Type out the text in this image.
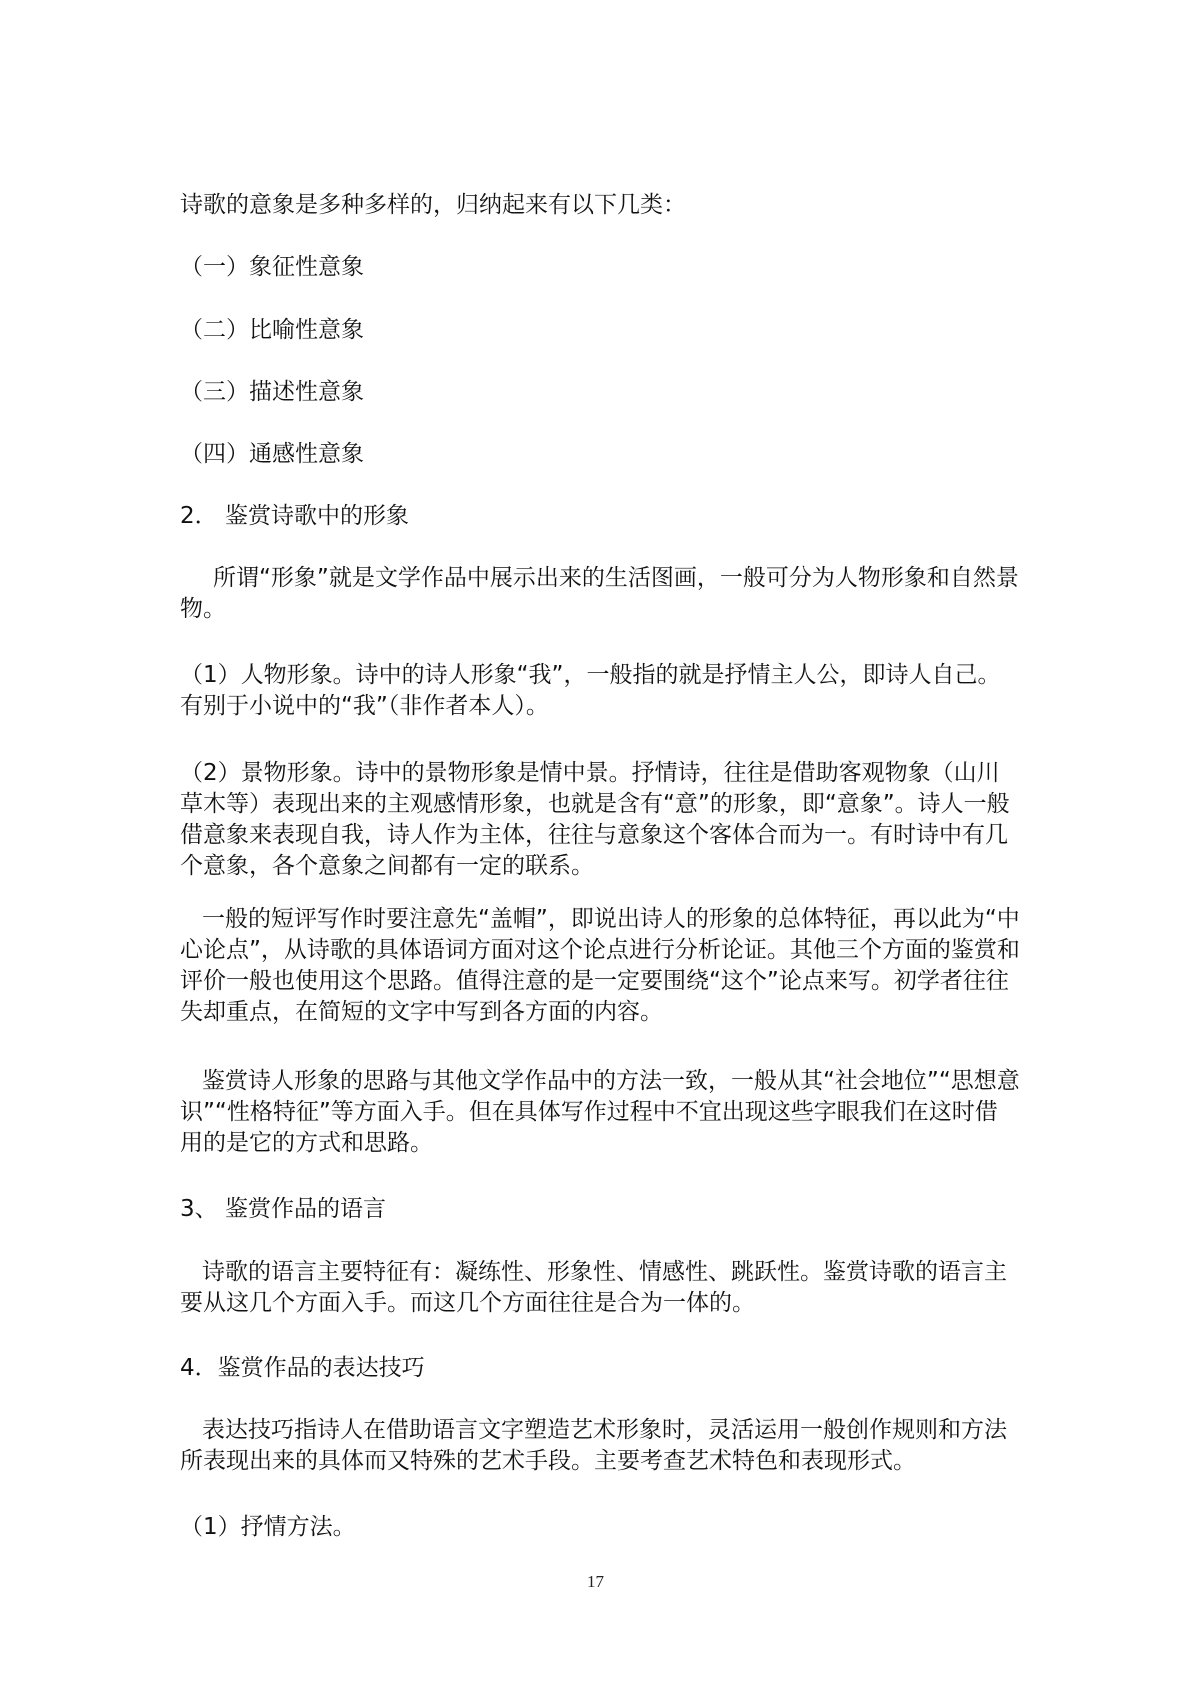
诗歌的意象是多种多样的，归纳起来有以下几类：

（一）象征性意象

（二）比喻性意象

（三）描述性意象

（四）通感性意象

2． 鉴赏诗歌中的形象

所谓“形象”就是文学作品中展示出来的生活图画，一般可分为人物形象和自然景物。

（1）人物形象。诗中的诗人形象“我”，一般指的就是抒情主人公，即诗人自己。有别于小说中的“我”（非作者本人）。

（2）景物形象。诗中的景物形象是情中景。抒情诗，往往是借助客观物象（山川草木等）表现出来的主观感情形象，也就是含有“意”的形象，即“意象”。诗人一般借意象来表现自我，诗人作为主体，往往与意象这个客体合而为一。有时诗中有几个意象，各个意象之间都有一定的联系。

一般的短评写作时要注意先“盖帽”，即说出诗人的形象的总体特征，再以此为“中心论点”，从诗歌的具体语词方面对这个论点进行分析论证。其他三个方面的鉴赏和评价一般也使用这个思路。值得注意的是一定要围绕“这个”论点来写。初学者往往失却重点，在简短的文字中写到各方面的内容。

鉴赏诗人形象的思路与其他文学作品中的方法一致，一般从其“社会地位”“思想意识”“性格特征”等方面入手。但在具体写作过程中不宜出现这些字眼我们在这时借用的是它的方式和思路。

3、 鉴赏作品的语言

诗歌的语言主要特征有：凝练性、形象性、情感性、跳跃性。鉴赏诗歌的语言主要从这几个方面入手。而这几个方面往往是合为一体的。

4．鉴赏作品的表达技巧

表达技巧指诗人在借助语言文字塑造艺术形象时，灵活运用一般创作规则和方法所表现出来的具体而又特殊的艺术手段。主要考查艺术特色和表现形式。

（1）抒情方法。

17
